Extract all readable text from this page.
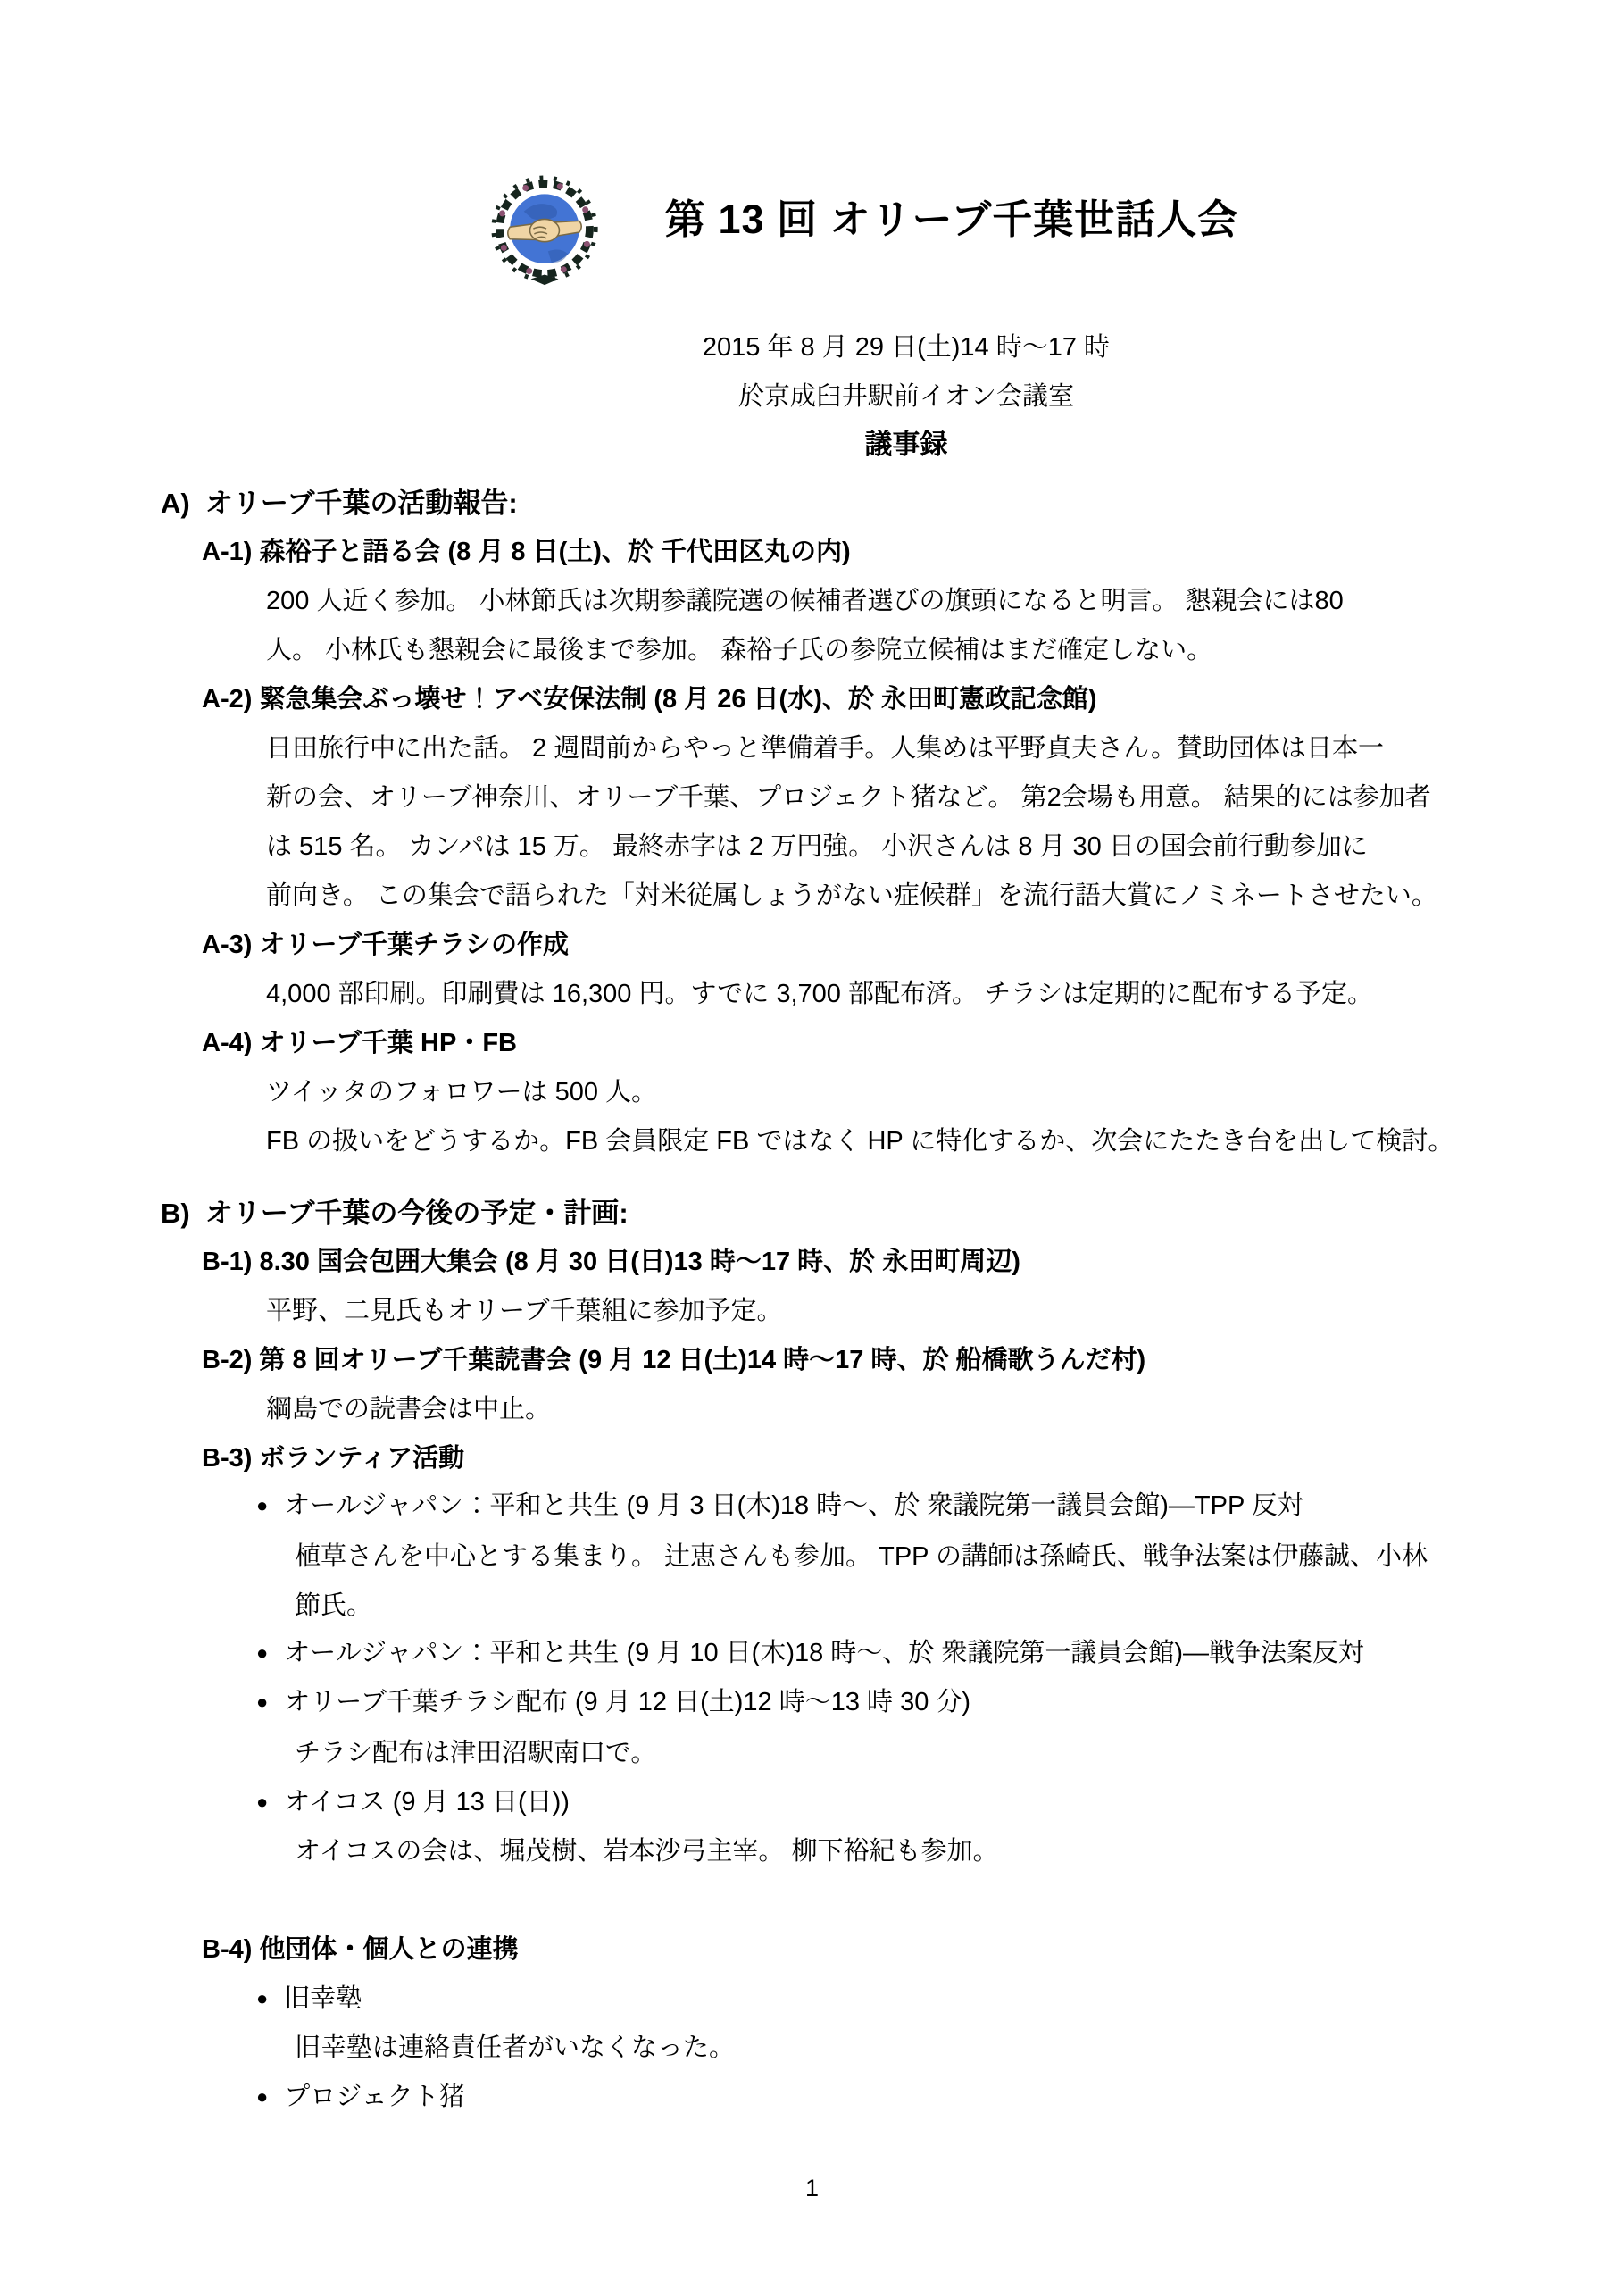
第 13 回 オリーブ千葉世話人会
2015 年 8 月 29 日(土)14 時～17 時
於京成臼井駅前イオン会議室
議事録
A)  オリーブ千葉の活動報告:
A-1) 森裕子と語る会 (8 月 8 日(土)、於 千代田区丸の内)
200 人近く参加。 小林節氏は次期参議院選の候補者選びの旗頭になると明言。 懇親会には80
人。 小林氏も懇親会に最後まで参加。 森裕子氏の参院立候補はまだ確定しない。
A-2) 緊急集会ぶっ壊せ！アベ安保法制 (8 月 26 日(水)、於 永田町憲政記念館)
日田旅行中に出た話。 2 週間前からやっと準備着手。人集めは平野貞夫さん。賛助団体は日本一
新の会、オリーブ神奈川、オリーブ千葉、プロジェクト猪など。 第2会場も用意。 結果的には参加者
は 515 名。 カンパは 15 万。 最終赤字は 2 万円強。 小沢さんは 8 月 30 日の国会前行動参加に
前向き。 この集会で語られた「対米従属しょうがない症候群」を流行語大賞にノミネートさせたい。
A-3) オリーブ千葉チラシの作成
4,000 部印刷。印刷費は 16,300 円。すでに 3,700 部配布済。 チラシは定期的に配布する予定。
A-4) オリーブ千葉 HP・FB
ツイッタのフォロワーは 500 人。
FB の扱いをどうするか。FB 会員限定 FB ではなく HP に特化するか、次会にたたき台を出して検討。
B)  オリーブ千葉の今後の予定・計画:
B-1) 8.30 国会包囲大集会 (8 月 30 日(日)13 時～17 時、於 永田町周辺)
平野、二見氏もオリーブ千葉組に参加予定。
B-2) 第 8 回オリーブ千葉読書会 (9 月 12 日(土)14 時～17 時、於 船橋歌うんだ村)
綱島での読書会は中止。
B-3) ボランティア活動
● オールジャパン：平和と共生 (9 月 3 日(木)18 時～、於 衆議院第一議員会館)—TPP 反対
植草さんを中心とする集まり。 辻恵さんも参加。 TPP の講師は孫崎氏、戦争法案は伊藤誠、小林
節氏。
● オールジャパン：平和と共生 (9 月 10 日(木)18 時～、於 衆議院第一議員会館)—戦争法案反対
● オリーブ千葉チラシ配布 (9 月 12 日(土)12 時～13 時 30 分)
チラシ配布は津田沼駅南口で。
● オイコス (9 月 13 日(日))
オイコスの会は、堀茂樹、岩本沙弓主宰。 柳下裕紀も参加。
B-4) 他団体・個人との連携
● 旧幸塾
旧幸塾は連絡責任者がいなくなった。
● プロジェクト猪
1
